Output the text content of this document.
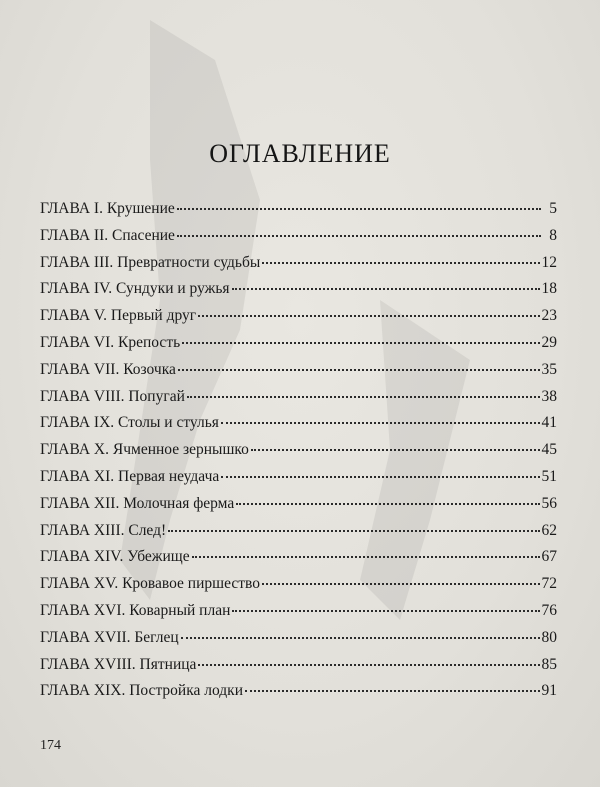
ОГЛАВЛЕНИЕ
ГЛАВА I. Крушение	5
ГЛАВА II. Спасение	8
ГЛАВА III. Превратности судьбы	12
ГЛАВА IV. Сундуки и ружья	18
ГЛАВА V. Первый друг	23
ГЛАВА VI. Крепость	29
ГЛАВА VII. Козочка	35
ГЛАВА VIII. Попугай	38
ГЛАВА IX. Столы и стулья	41
ГЛАВА X. Ячменное зернышко	45
ГЛАВА XI. Первая неудача	51
ГЛАВА XII. Молочная ферма	56
ГЛАВА XIII. След!	62
ГЛАВА XIV. Убежище	67
ГЛАВА XV. Кровавое пиршество	72
ГЛАВА XVI. Коварный план	76
ГЛАВА XVII. Беглец	80
ГЛАВА XVIII. Пятница	85
ГЛАВА XIX. Постройка лодки	91
174
